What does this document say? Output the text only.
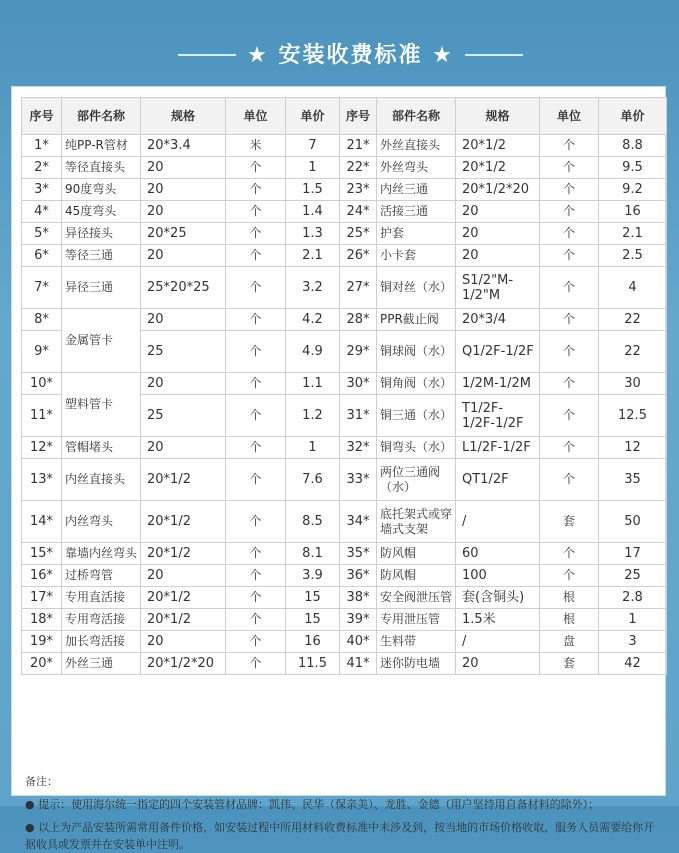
★ 安装收费标准 ★
序号	部件名称	规格	单位	单价	序号	部件名称	规格	单位	单价
1*	纯PP-R管材	20*3.4	米	7	21*	外丝直接头	20*1/2	个	8.8
2*	等径直接头	20	个	1	22*	外丝弯头	20*1/2	个	9.5
3*	90度弯头	20	个	1.5	23*	内丝三通	20*1/2*20	个	9.2
4*	45度弯头	20	个	1.4	24*	活接三通	20	个	16
5*	异径接头	20*25	个	1.3	25*	护套	20	个	2.1
6*	等径三通	20	个	2.1	26*	小卡套	20	个	2.5
7*	异径三通	25*20*25	个	3.2	27*	铜对丝（水）	S1/2"M-1/2"M	个	4
8*	金属管卡	20	个	4.2	28*	PPR截止阀	20*3/4	个	22
9*		25	个	4.9	29*	铜球阀（水）	Q1/2F-1/2F	个	22
10*	塑料管卡	20	个	1.1	30*	铜角阀（水）	1/2M-1/2M	个	30
11*		25	个	1.2	31*	铜三通（水）	T1/2F-1/2F-1/2F	个	12.5
12*	管帽堵头	20	个	1	32*	铜弯头（水）	L1/2F-1/2F	个	12
13*	内丝直接头	20*1/2	个	7.6	33*	两位三通阀（水）	QT1/2F	个	35
14*	内丝弯头	20*1/2	个	8.5	34*	底托架式或穿墙式支架	/	套	50
15*	靠墙内丝弯头	20*1/2	个	8.1	35*	防风帽	60	个	17
16*	过桥弯管	20	个	3.9	36*	防风帽	100	个	25
17*	专用直活接	20*1/2	个	15	38*	安全阀泄压管	套(含铜头)	根	2.8
18*	专用弯活接	20*1/2	个	15	39*	专用泄压管	1.5米	根	1
19*	加长弯活接	20	个	16	40*	生料带	/	盘	3
20*	外丝三通	20*1/2*20	个	11.5	41*	迷你防电墙	20	套	42
备注：
● 提示：使用海尔统一指定的四个安装管材品牌：凯伟、民华（保亲美）、龙胜、金德（用户坚持用自备材料的除外）；
● 以上为产品安装所需常用备件价格，如安装过程中所用材料收费标准中未涉及到，按当地的市场价格收取，服务人员需要给你开据收具或发票并在安装单中注明。
